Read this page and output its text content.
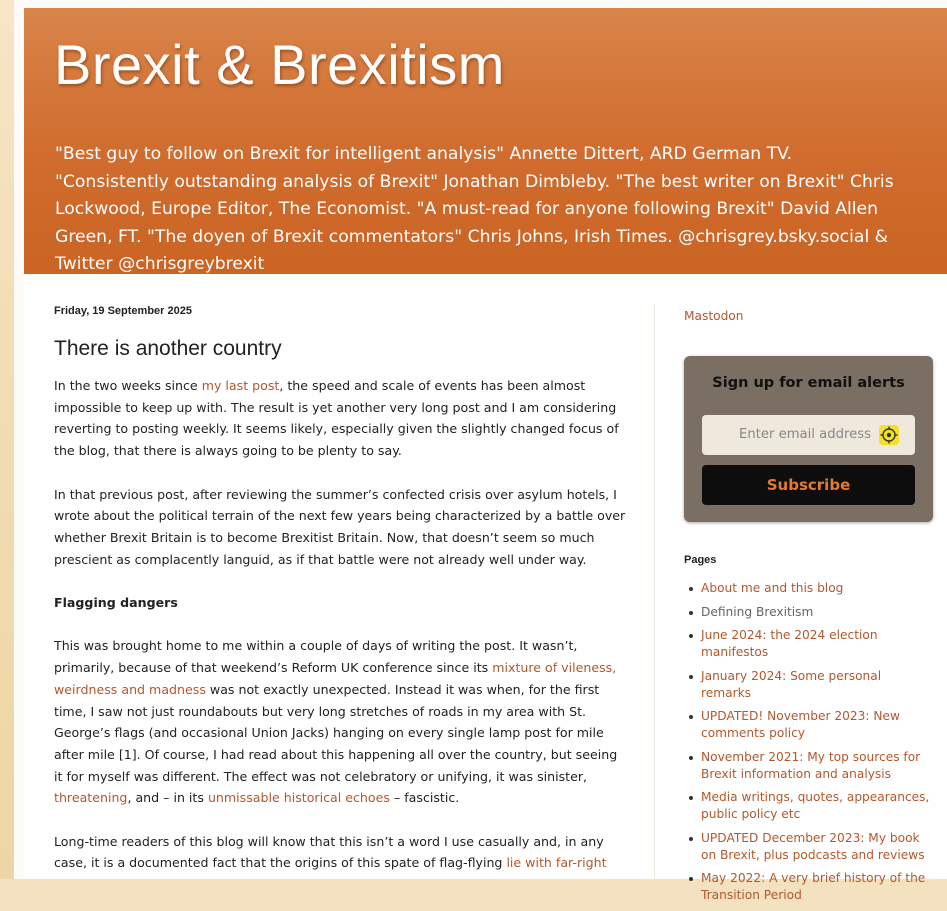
Brexit & Brexitism

"Best guy to follow on Brexit for intelligent analysis" Annette Dittert, ARD German TV. "Consistently outstanding analysis of Brexit" Jonathan Dimbleby. "The best writer on Brexit" Chris Lockwood, Europe Editor, The Economist. "A must-read for anyone following Brexit" David Allen Green, FT. "The doyen of Brexit commentators" Chris Johns, Irish Times. @chrisgrey.bsky.social & Twitter @chrisgreybrexit

Friday, 19 September 2025
There is another country

In the two weeks since my last post, the speed and scale of events has been almost impossible to keep up with. The result is yet another very long post and I am considering reverting to posting weekly. It seems likely, especially given the slightly changed focus of the blog, that there is always going to be plenty to say.

In that previous post, after reviewing the summer’s confected crisis over asylum hotels, I wrote about the political terrain of the next few years being characterized by a battle over whether Brexit Britain is to become Brexitist Britain. Now, that doesn’t seem so much prescient as complacently languid, as if that battle were not already well under way.

Flagging dangers

This was brought home to me within a couple of days of writing the post. It wasn’t, primarily, because of that weekend’s Reform UK conference since its mixture of vileness, weirdness and madness was not exactly unexpected. Instead it was when, for the first time, I saw not just roundabouts but very long stretches of roads in my area with St. George’s flags (and occasional Union Jacks) hanging on every single lamp post for mile after mile [1]. Of course, I had read about this happening all over the country, but seeing it for myself was different. The effect was not celebratory or unifying, it was sinister, threatening, and – in its unmissable historical echoes – fascistic.

Long-time readers of this blog will know that this isn’t a word I use casually and, in any case, it is a documented fact that the origins of this spate of flag-flying lie with far-right

Mastodon
Sign up for email alerts
Enter email address
Subscribe
Pages
About me and this blog
Defining Brexitism
June 2024: the 2024 election manifestos
January 2024: Some personal remarks
UPDATED! November 2023: New comments policy
November 2021: My top sources for Brexit information and analysis
Media writings, quotes, appearances, public policy etc
UPDATED December 2023: My book on Brexit, plus podcasts and reviews
May 2022: A very brief history of the Transition Period
